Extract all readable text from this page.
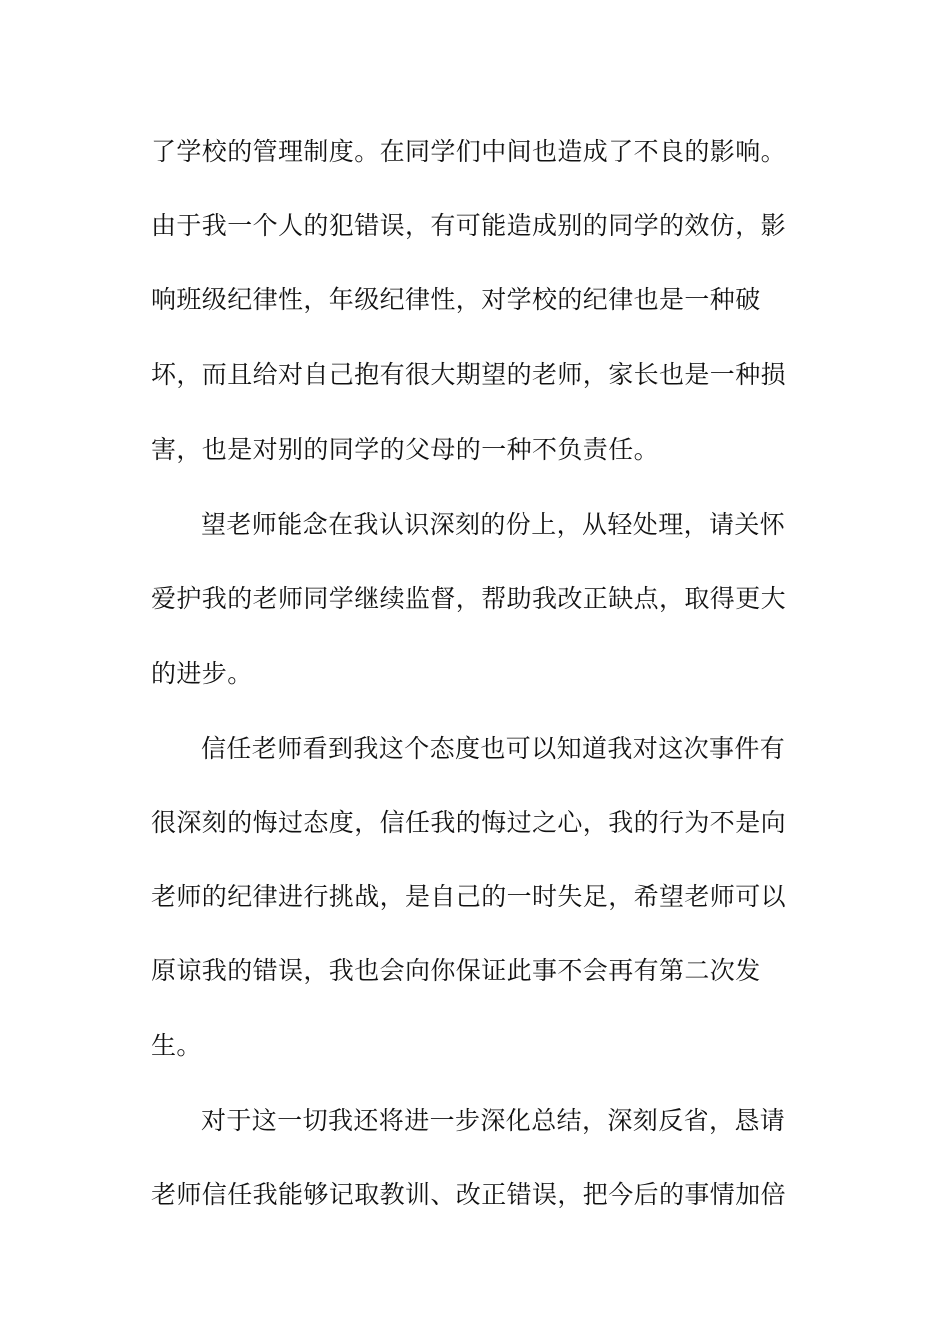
了学校的管理制度。在同学们中间也造成了不良的影响。
由于我一个人的犯错误，有可能造成别的同学的效仿，影
响班级纪律性，年级纪律性，对学校的纪律也是一种破
坏，而且给对自己抱有很大期望的老师，家长也是一种损
害，也是对别的同学的父母的一种不负责任。
望老师能念在我认识深刻的份上，从轻处理，请关怀
爱护我的老师同学继续监督，帮助我改正缺点，取得更大
的进步。
信任老师看到我这个态度也可以知道我对这次事件有
很深刻的悔过态度，信任我的悔过之心，我的行为不是向
老师的纪律进行挑战，是自己的一时失足，希望老师可以
原谅我的错误，我也会向你保证此事不会再有第二次发
生。
对于这一切我还将进一步深化总结，深刻反省，恳请
老师信任我能够记取教训、改正错误，把今后的事情加倍
